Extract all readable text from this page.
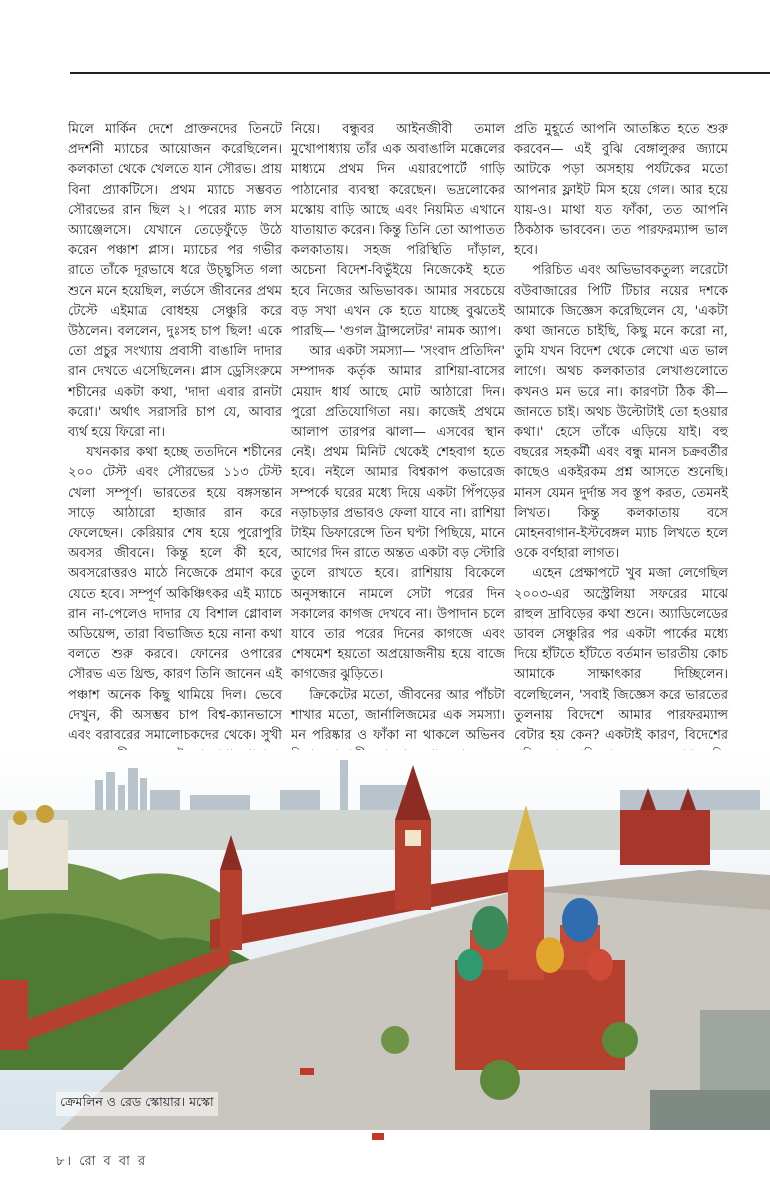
মিলে মার্কিন দেশে প্রাক্তনদের তিনটে প্রদর্শনী ম্যাচের আয়োজন করেছিলেন। কলকাতা থেকে খেলতে যান সৌরভ। প্রায় বিনা প্র্যাকটিসে। প্রথম ম্যাচে সম্ভবত সৌরভের রান ছিল ২। পরের ম্যাচ লস অ্যাঞ্জেলসে। যেখানে তেড়েফুঁড়ে উঠে করেন পঞ্চাশ প্লাস। ম্যাচের পর গভীর রাতে তাঁকে দূরভাষে ধরে উচ্ছ্বসিত গলা শুনে মনে হয়েছিল, লর্ডসে জীবনের প্রথম টেস্টে এইমাত্র বোধহয় সেঞ্চুরি করে উঠলেন। বললেন, দুঃসহ চাপ ছিল! একে তো প্রচুর সংখ্যায় প্রবাসী বাঙালি দাদার রান দেখতে এসেছিলেন। প্লাস ড্রেসিংরুমে শচীনের একটা কথা, 'দাদা এবার রানটা করো।' অর্থাৎ সরাসরি চাপ যে, আবার ব্যর্থ হয়ে ফিরো না।

যখনকার কথা হচ্ছে ততদিনে শচীনের ২০০ টেস্ট এবং সৌরভের ১১৩ টেস্ট খেলা সম্পূর্ণ। ভারতের হয়ে বঙ্গসন্তান সাড়ে আঠারো হাজার রান করে ফেলেছেন। কেরিয়ার শেষ হয়ে পুরোপুরি অবসর জীবনে। কিন্তু হলে কী হবে, অবসরোত্তরও মাঠে নিজেকে প্রমাণ করে যেতে হবে। সম্পূর্ণ অকিঞ্চিৎকর এই ম্যাচে রান না-পেলেও দাদার যে বিশাল গ্লোবাল অডিয়েন্স, তারা বিভাজিত হয়ে নানা কথা বলতে শুরু করবে। ফোনের ওপারের সৌরভ এত থ্রিল্ড, কারণ তিনি জানেন এই পঞ্চাশ অনেক কিছু থামিয়ে দিল। ভেবে দেখুন, কী অসম্ভব চাপ বিশ্ব-ক্যানভাসে এবং বরাবরের সমালোচকদের থেকে। সুখী

নিয়ে। বন্ধুবর আইনজীবী তমাল মুখোপাধ্যায় তাঁর এক অবাঙালি মক্কেলের মাধ্যমে প্রথম দিন এয়ারপোর্টে গাড়ি পাঠানোর ব্যবস্থা করেছেন। ভদ্রলোকের মস্কোয় বাড়ি আছে এবং নিয়মিত এখানে যাতায়াত করেন। কিন্তু তিনি তো আপাতত কলকাতায়। সহজ পরিস্থিতি দাঁড়াল, অচেনা বিদেশ-বিভুঁইয়ে নিজেকেই হতে হবে নিজের অভিভাবক। আমার সবচেয়ে বড় সখা এখন কে হতে যাচ্ছে বুঝতেই পারছি— 'গুগল ট্রান্সলেটর' নামক অ্যাপ।

আর একটা সমস্যা— 'সংবাদ প্রতিদিন' সম্পাদক কর্তৃক আমার রাশিয়া-বাসের মেয়াদ ধার্য আছে মোট আঠারো দিন। পুরো প্রতিযোগিতা নয়। কাজেই প্রথমে আলাপ তারপর ঝালা— এসবের স্থান নেই। প্রথম মিনিট থেকেই শেহবাগ হতে হবে। নইলে আমার বিশ্বকাপ কভারেজ সম্পর্কে ঘরের মধ্যে দিয়ে একটা পিঁপড়ের নড়াচড়ার প্রভাবও ফেলা যাবে না। রাশিয়া টাইম ডিফারেন্সে তিন ঘণ্টা পিছিয়ে, মানে আগের দিন রাতে অন্তত একটা বড় স্টোরি তুলে রাখতে হবে। রাশিয়ায় বিকেলে অনুসন্ধানে নামলে সেটা পরের দিন সকালের কাগজ দেখবে না। উপাদান চলে যাবে তার পরের দিনের কাগজে এবং শেষমেশ হয়তো অপ্রয়োজনীয় হয়ে বাজে কাগজের ঝুড়িতে।

ক্রিকেটের মতো, জীবনের আর পাঁচটা শাখার মতো, জার্নালিজমের এক সমস্যা। মন পরিষ্কার ও ফাঁকা না থাকলে অভিনব

প্রতি মুহূর্তে আপনি আতঙ্কিত হতে শুরু করবেন— এই বুঝি বেঙ্গালুরুর জ্যামে আটকে পড়া অসহায় পর্যটকের মতো আপনার ফ্লাইট মিস হয়ে গেল। আর হয়ে যায়-ও। মাথা যত ফাঁকা, তত আপনি ঠিকঠাক ভাববেন। তত পারফরম্যান্স ভাল হবে।

পরিচিত এবং অভিভাবকতুল্য লরেটো বউবাজারের পিটি টিচার নয়ের দশকে আমাকে জিজ্ঞেস করেছিলেন যে, 'একটা কথা জানতে চাইছি, কিছু মনে করো না, তুমি যখন বিদেশ থেকে লেখো এত ভাল লাগে। অথচ কলকাতার লেখাগুলোতে কখনও মন ভরে না। কারণটা ঠিক কী— জানতে চাই। অথচ উল্টোটাই তো হওয়ার কথা।' হেসে তাঁকে এড়িয়ে যাই। বহু বছরের সহকর্মী এবং বন্ধু মানস চক্রবর্তীর কাছেও একইরকম প্রশ্ন আসতে শুনেছি। মানস যেমন দুর্দান্ত সব স্তূপ করত, তেমনই লিখত। কিন্তু কলকাতায় বসে মোহনবাগান-ইস্টবেঙ্গল ম্যাচ লিখতে হলে ওকে বর্ণহারা লাগত।

এহেন প্রেক্ষাপটে খুব মজা লেগেছিল ২০০৩-এর অস্ট্রেলিয়া সফরের মাঝে রাহুল দ্রাবিড়ের কথা শুনে। অ্যাডিলেডের ডাবল সেঞ্চুরির পর একটা পার্কের মধ্যে দিয়ে হাঁটতে হাঁটতে বর্তমান ভারতীয় কোচ আমাকে সাক্ষাৎকার দিচ্ছিলেন। বলেছিলেন, 'সবাই জিজ্ঞেস করে ভারতের তুলনায় বিদেশে আমার পারফরম্যান্স বেটার হয় কেন? একটাই কারণ, বিদেশের

ক্রেমলিন ও রেড স্কোয়ার। মস্কো
৮। রো ব বা র
